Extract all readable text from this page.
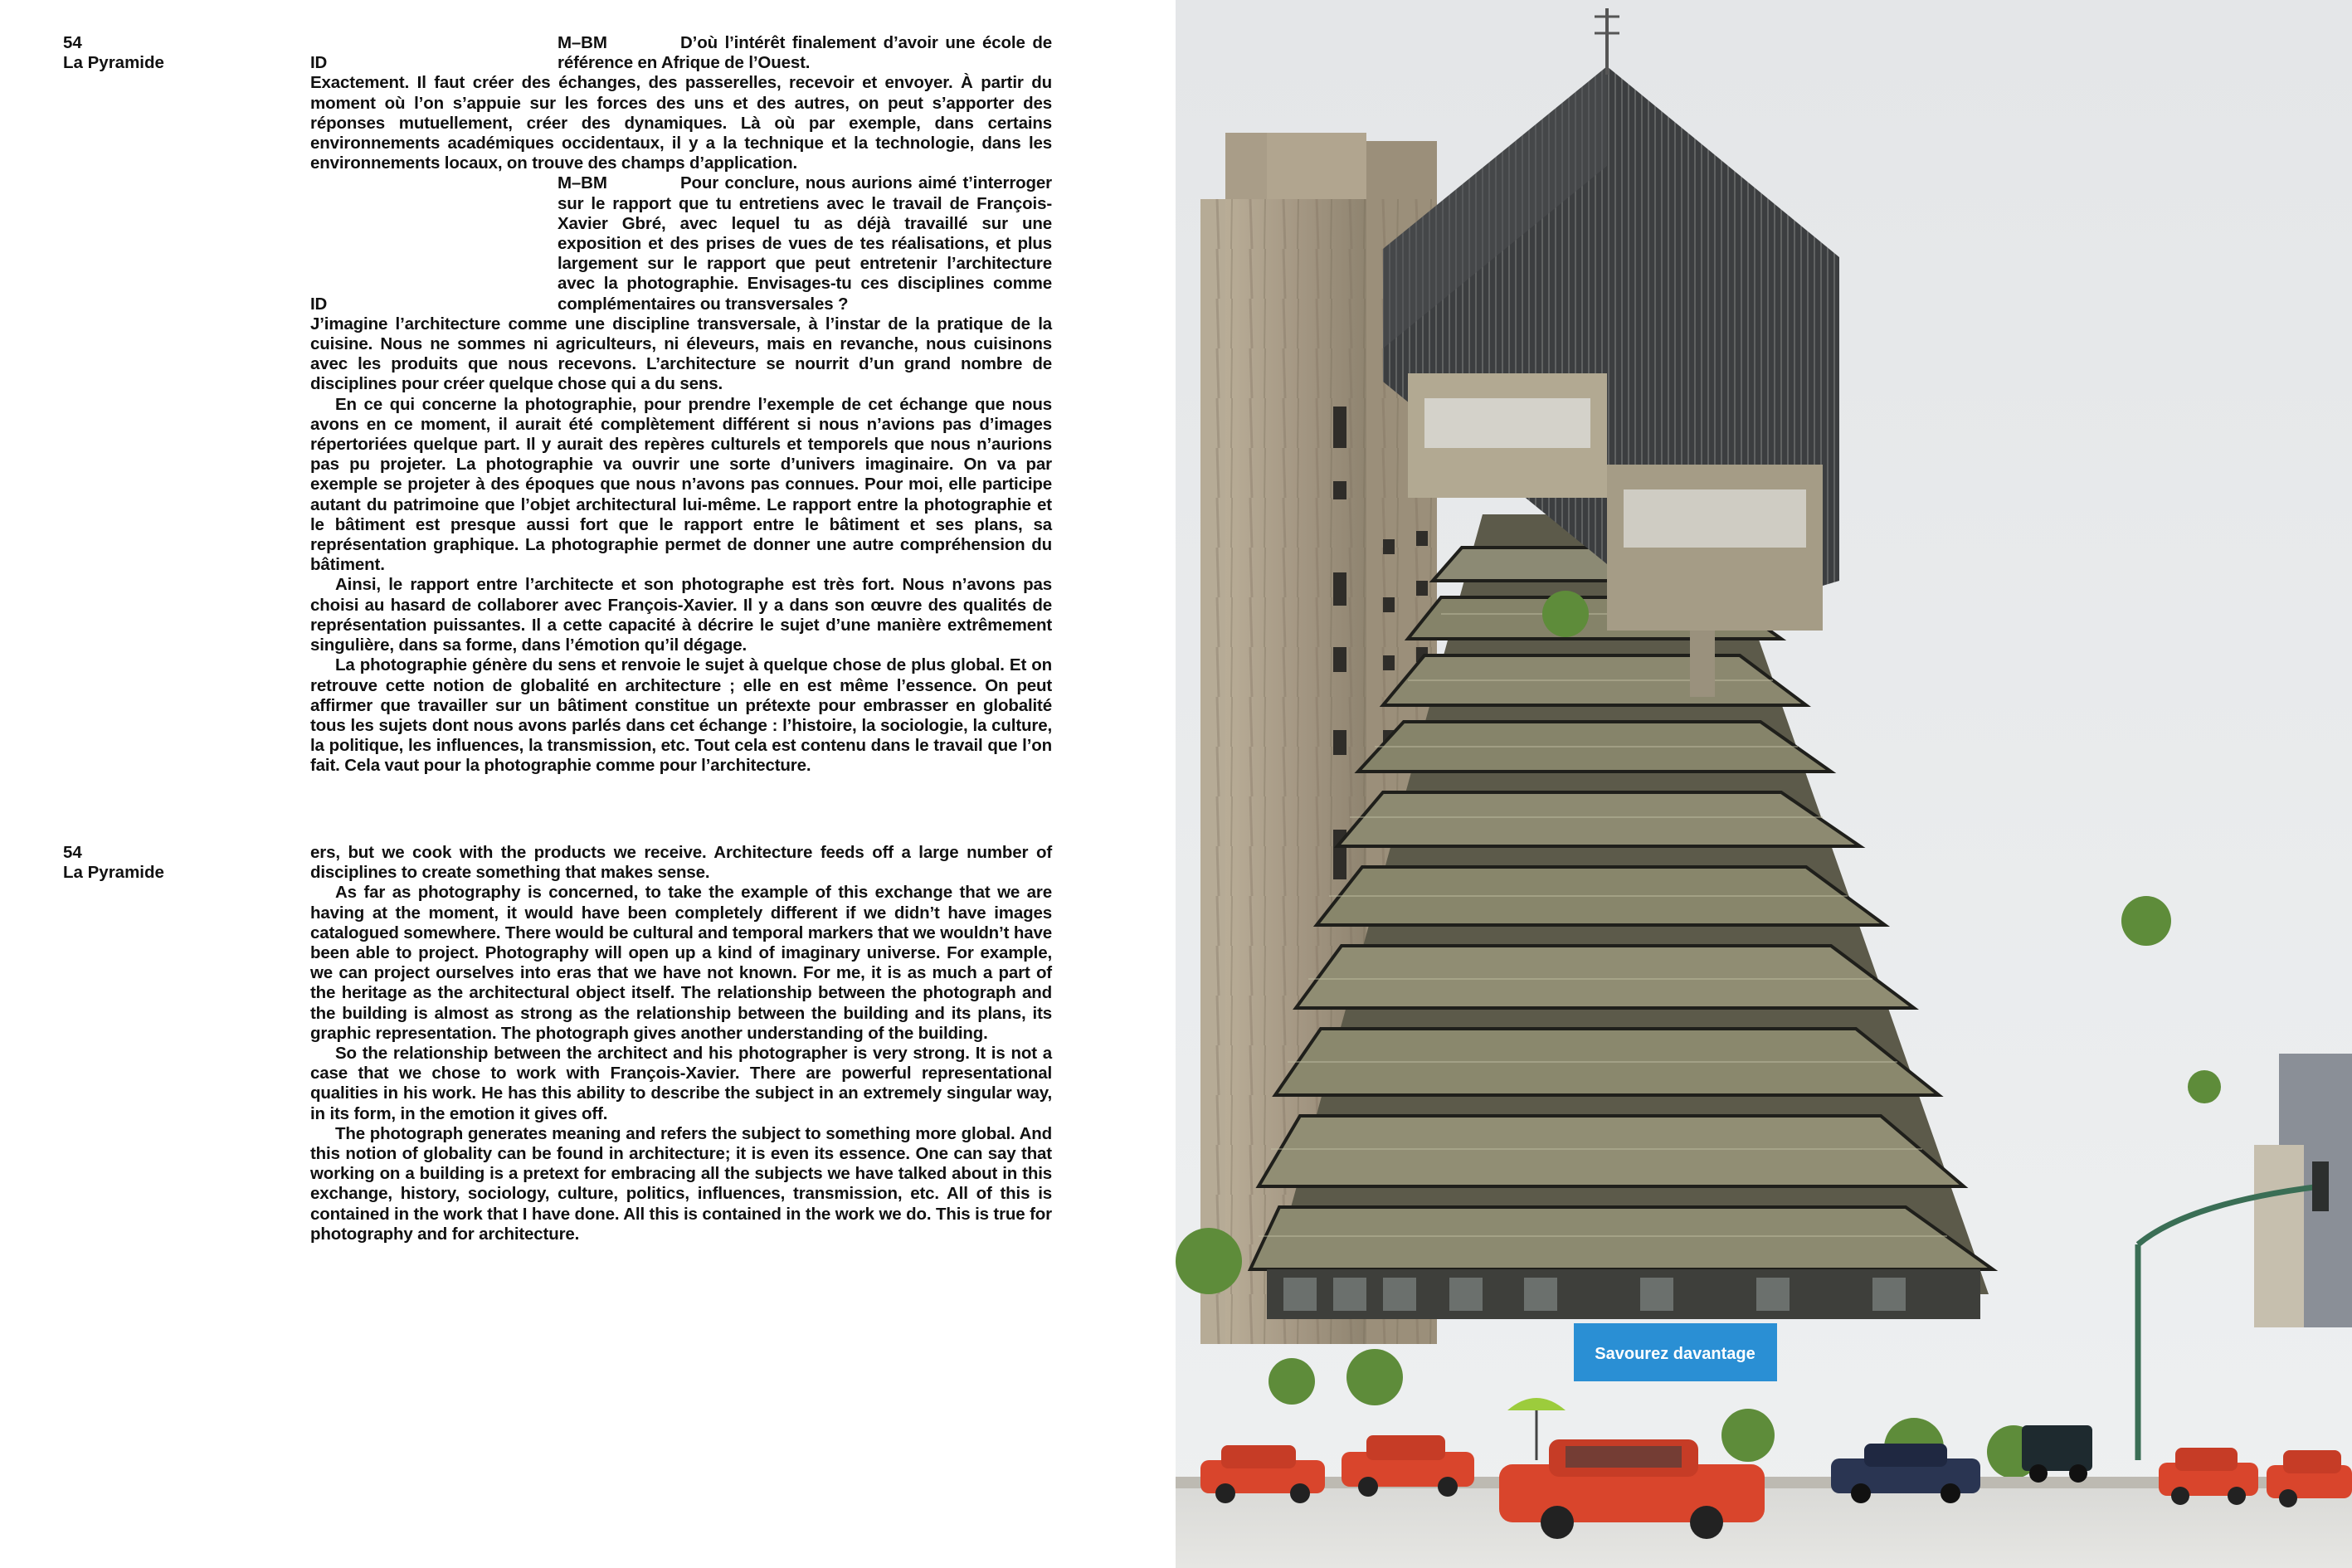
54
La Pyramide
M–BM	D’où l’intérêt finalement d’avoir une école de référence en Afrique de l’Ouest.

ID

Exactement. Il faut créer des échanges, des passerelles, recevoir et envoyer. À partir du moment où l’on s’appuie sur les forces des uns et des autres, on peut s’apporter des réponses mutuellement, créer des dynamiques. Là où par exemple, dans certains environnements académiques occidentaux, il y a la technique et la technologie, dans les environnements locaux, on trouve des champs d’application.

M–BM	Pour conclure, nous aurions aimé t’interroger sur le rapport que tu entretiens avec le travail de François-Xavier Gbré, avec lequel tu as déjà travaillé sur une exposition et des prises de vues de tes réalisations, et plus largement sur le rapport que peut entretenir l’architecture avec la photographie. Envisages-tu ces disciplines comme complémentaires ou transversales ?

ID

J’imagine l’architecture comme une discipline transversale, à l’instar de la pratique de la cuisine. Nous ne sommes ni agriculteurs, ni éleveurs, mais en revanche, nous cuisinons avec les produits que nous recevons. L’architecture se nourrit d’un grand nombre de disciplines pour créer quelque chose qui a du sens.

En ce qui concerne la photographie, pour prendre l’exemple de cet échange que nous avons en ce moment, il aurait été complètement différent si nous n’avions pas d’images répertoriées quelque part. Il y aurait des repères culturels et temporels que nous n’aurions pas pu projeter. La photographie va ouvrir une sorte d’univers imaginaire. On va par exemple se projeter à des époques que nous n’avons pas connues. Pour moi, elle participe autant du patrimoine que l’objet architectural lui-même. Le rapport entre la photographie et le bâtiment est presque aussi fort que le rapport entre le bâtiment et ses plans, sa représentation graphique. La photographie permet de donner une autre compréhension du bâtiment.

Ainsi, le rapport entre l’architecte et son photographe est très fort. Nous n’avons pas choisi au hasard de collaborer avec François-Xavier. Il y a dans son œuvre des qualités de représentation puissantes. Il a cette capacité à décrire le sujet d’une manière extrêmement singulière, dans sa forme, dans l’émotion qu’il dégage.

La photographie génère du sens et renvoie le sujet à quelque chose de plus global. Et on retrouve cette notion de globalité en architecture ; elle en est même l’essence. On peut affirmer que travailler sur un bâtiment constitue un prétexte pour embrasser en globalité tous les sujets dont nous avons parlés dans cet échange : l’histoire, la sociologie, la culture, la politique, les influences, la transmission, etc. Tout cela est contenu dans le travail que l’on fait. Cela vaut pour la photographie comme pour l’architecture.

54
La Pyramide

ers, but we cook with the products we receive. Architecture feeds off a large number of disciplines to create something that makes sense.

As far as photography is concerned, to take the example of this exchange that we are having at the moment, it would have been completely different if we didn’t have images catalogued somewhere. There would be cultural and temporal markers that we wouldn’t have been able to project. Photography will open up a kind of imaginary universe. For example, we can project ourselves into eras that we have not known. For me, it is as much a part of the heritage as the architectural object itself. The relationship between the photograph and the building is almost as strong as the relationship between the building and its plans, its graphic representation. The photograph gives another understanding of the building.

So the relationship between the architect and his photographer is very strong. It is not a case that we chose to work with François-Xavier. There are powerful representational qualities in his work. He has this ability to describe the subject in an extremely singular way, in its form, in the emotion it gives off.

The photograph generates meaning and refers the subject to something more global. And this notion of globality can be found in architecture; it is even its essence. One can say that working on a building is a pretext for embracing all the subjects we have talked about in this exchange, history, sociology, culture, politics, influences, transmission, etc. All of this is contained in the work that I have done. All this is contained in the work we do. This is true for photography and for architecture.

Savourez davantage
